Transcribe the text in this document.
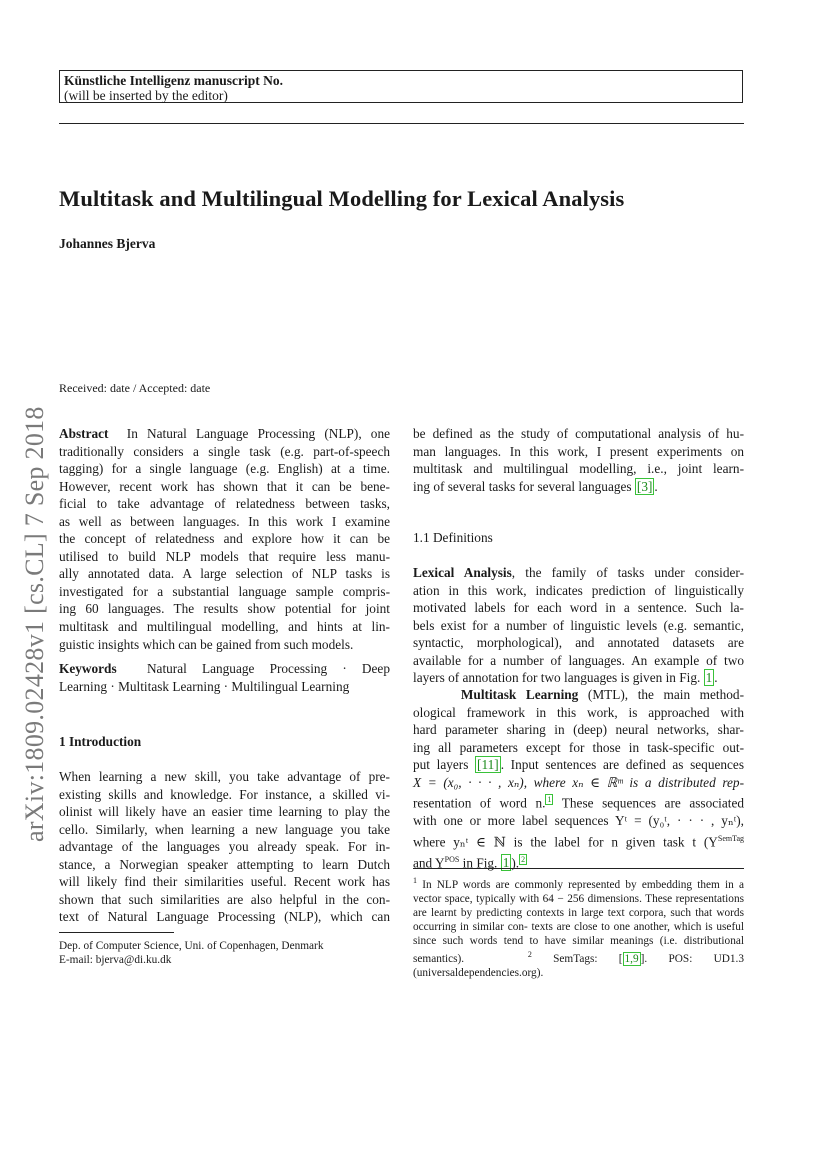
Künstliche Intelligenz manuscript No.
(will be inserted by the editor)
Multitask and Multilingual Modelling for Lexical Analysis
Johannes Bjerva
arXiv:1809.02428v1 [cs.CL] 7 Sep 2018
Received: date / Accepted: date
Abstract In Natural Language Processing (NLP), one
traditionally considers a single task (e.g. part-of-speech
tagging) for a single language (e.g. English) at a time.
However, recent work has shown that it can be bene-
ficial to take advantage of relatedness between tasks,
as well as between languages. In this work I examine
the concept of relatedness and explore how it can be
utilised to build NLP models that require less manu-
ally annotated data. A large selection of NLP tasks is
investigated for a substantial language sample compris-
ing 60 languages. The results show potential for joint
multitask and multilingual modelling, and hints at lin-
guistic insights which can be gained from such models.
Keywords Natural Language Processing · Deep
Learning · Multitask Learning · Multilingual Learning
1 Introduction
When learning a new skill, you take advantage of pre-
existing skills and knowledge. For instance, a skilled vi-
olinist will likely have an easier time learning to play the
cello. Similarly, when learning a new language you take
advantage of the languages you already speak. For in-
stance, a Norwegian speaker attempting to learn Dutch
will likely find their similarities useful. Recent work has
shown that such similarities are also helpful in the con-
text of Natural Language Processing (NLP), which can
Dep. of Computer Science, Uni. of Copenhagen, Denmark
E-mail: bjerva@di.ku.dk
be defined as the study of computational analysis of hu-
man languages. In this work, I present experiments on
multitask and multilingual modelling, i.e., joint learn-
ing of several tasks for several languages [3] .
1.1 Definitions
Lexical Analysis, the family of tasks under consider-
ation in this work, indicates prediction of linguistically
motivated labels for each word in a sentence. Such la-
bels exist for a number of linguistic levels (e.g. semantic,
syntactic, morphological), and annotated datasets are
available for a number of languages. An example of two
layers of annotation for two languages is given in Fig. 1 .
Multitask Learning (MTL), the main method-
ological framework in this work, is approached with
hard parameter sharing in (deep) neural networks, shar-
ing all parameters except for those in task-specific out-
put layers [11] . Input sentences are defined as sequences
X = (x₀, · · · , xₙ), where xₙ ∈ ℝᵐ is a distributed rep-
resentation of word n. $^1$ These sequences are associated
with one or more label sequences Yᵗ = (y₀ᵗ, · · · , yₙᵗ),
where yₙᵗ ∈ ℕ is the label for n given task t ($Y^{SemTag}$
and $Y^{POS}$ in Fig. 1 ). $^2$
$^1$ In NLP words are commonly represented by embedding them in a vector space, typically with 64 − 256 dimensions. These representations are learnt by predicting contexts in large text corpora, such that words occurring in similar con- texts are close to one another, which is useful since such words tend to have similar meanings (i.e. distributional semantics).	$^2$ SemTags: [ 1,9 ]. POS: UD1.3 (universaldependencies.org).
